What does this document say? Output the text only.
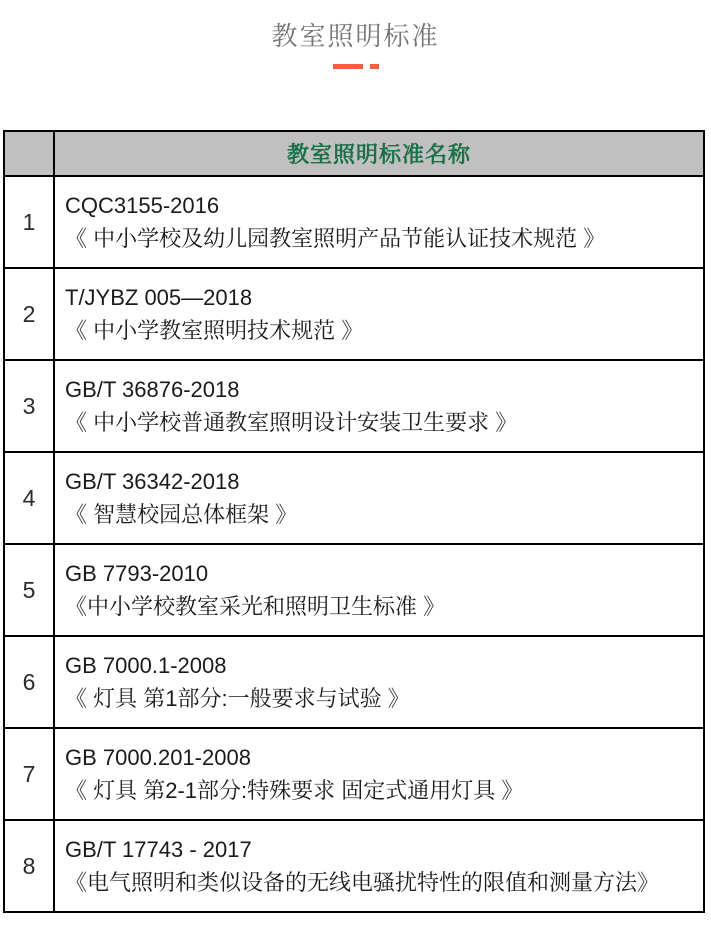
教室照明标准
	教室照明标准名称
1	CQC3155-2016
《 中小学校及幼儿园教室照明产品节能认证技术规范 》

2	T/JYBZ 005—2018
《 中小学教室照明技术规范 》

3	GB/T 36876-2018
《 中小学校普通教室照明设计安装卫生要求 》

4	GB/T 36342-2018
《 智慧校园总体框架 》

5	GB 7793-2010
《中小学校教室采光和照明卫生标准 》

6	GB 7000.1-2008
《 灯具 第1部分:一般要求与试验 》

7	GB 7000.201-2008
《 灯具 第2-1部分:特殊要求 固定式通用灯具 》

8	GB/T 17743 - 2017
《电气照明和类似设备的无线电骚扰特性的限值和测量方法》
